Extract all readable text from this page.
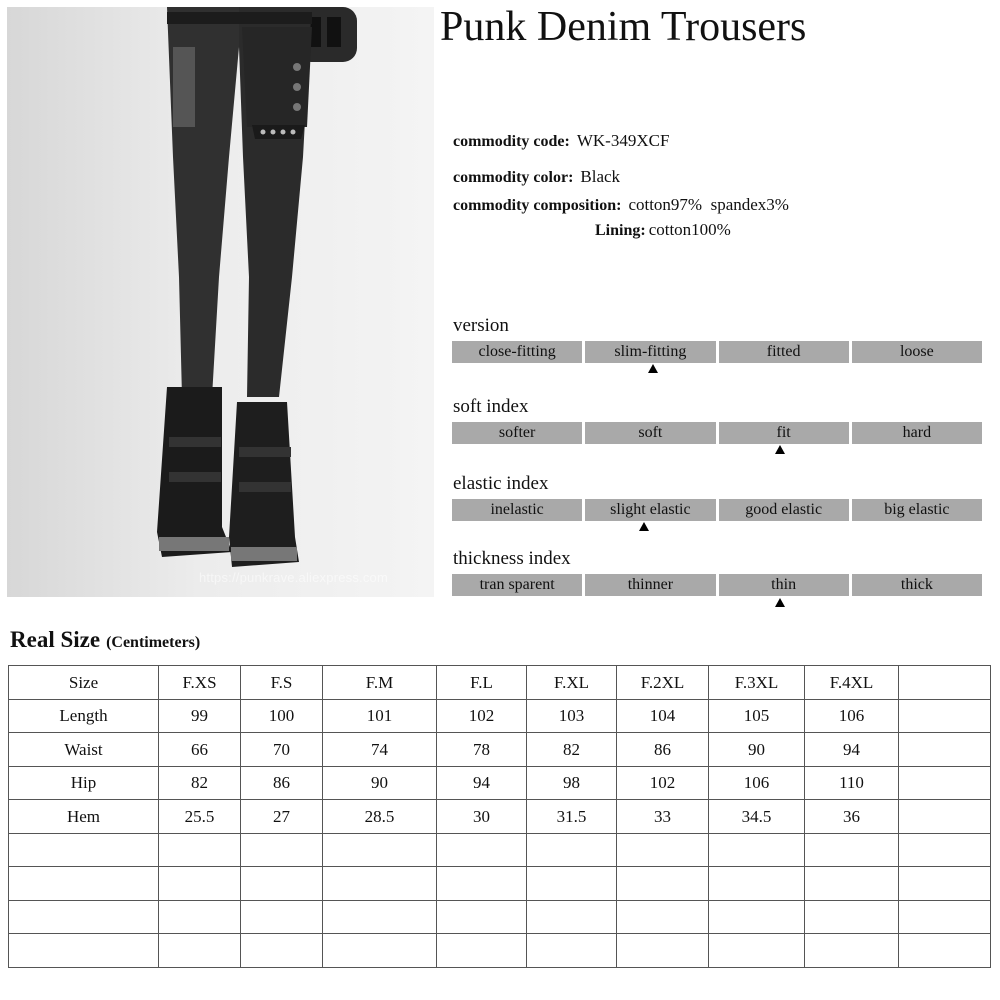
https://punkrave.aliexpress.com
Punk Denim Trousers
commodity code: WK-349XCF
commodity color: Black
commodity composition: cotton97%  spandex3%
Lining: cotton100%
version
close-fitting	slim-fitting	fitted	loose
soft index
softer	soft	fit	hard
elastic index
inelastic	slight elastic	good elastic	big elastic
thickness index
tran sparent	thinner	thin	thick
Real Size (Centimeters)
Size	F.XS	F.S	F.M	F.L	F.XL	F.2XL	F.3XL	F.4XL	
Length	99	100	101	102	103	104	105	106	
Waist	66	70	74	78	82	86	90	94	
Hip	82	86	90	94	98	102	106	110	
Hem	25.5	27	28.5	30	31.5	33	34.5	36	
